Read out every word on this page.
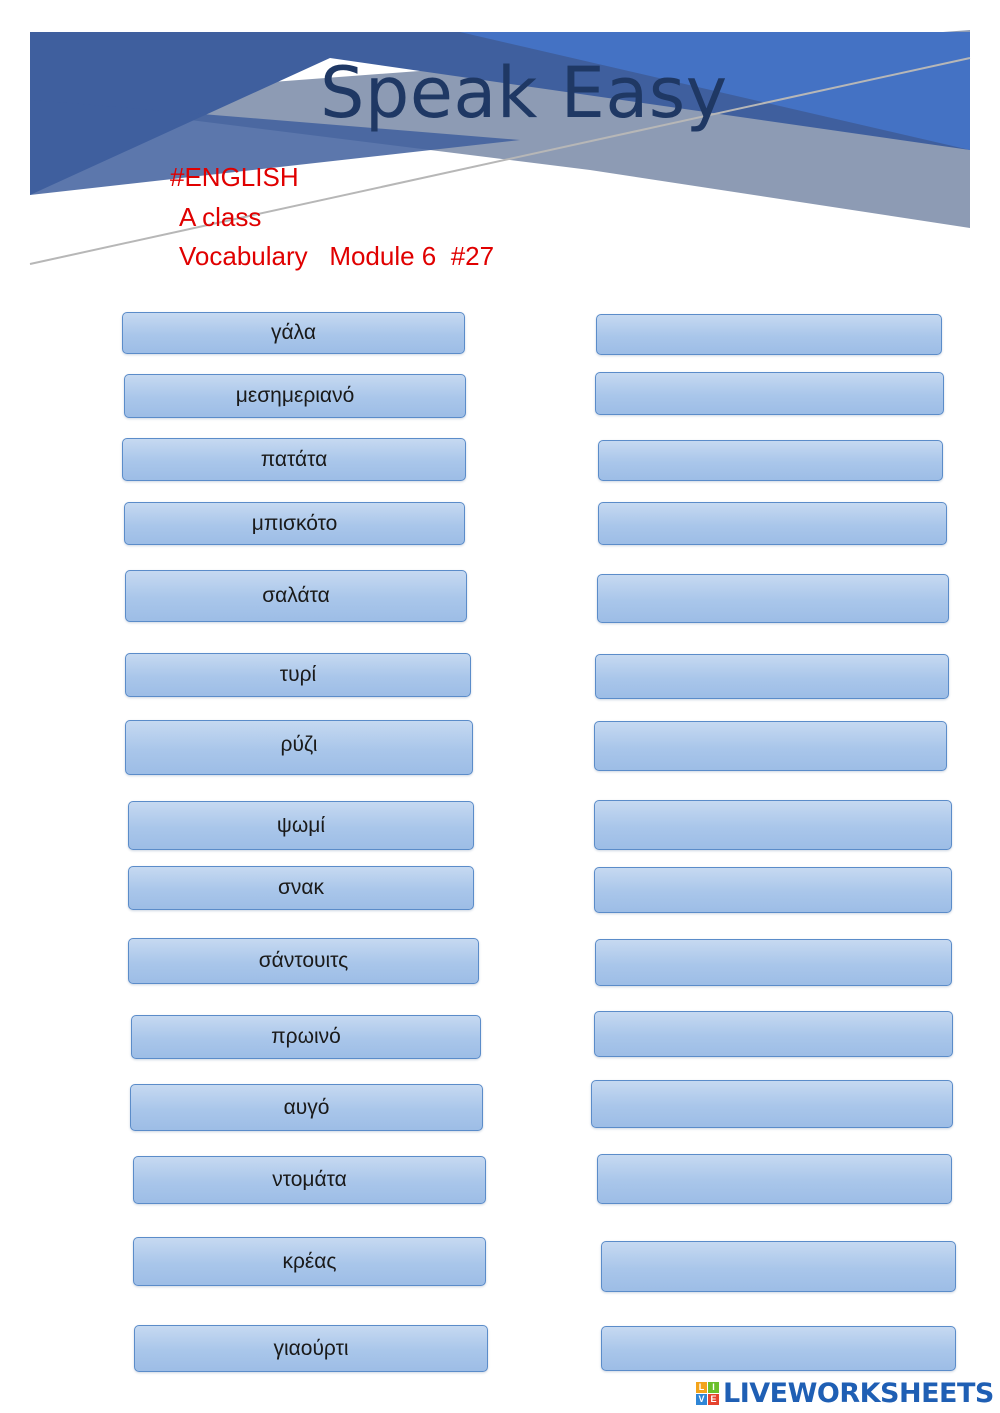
Speak Easy
#ENGLISH
A class
Vocabulary   Module 6  #27
γάλα
μεσημεριανό
πατάτα
μπισκότο
σαλάτα
τυρί
ρύζι
ψωμί
σνακ
σάντουιτς
πρωινό
αυγό
ντομάτα
κρέας
γιαούρτι
L I
V E LIVEWORKSHEETS
